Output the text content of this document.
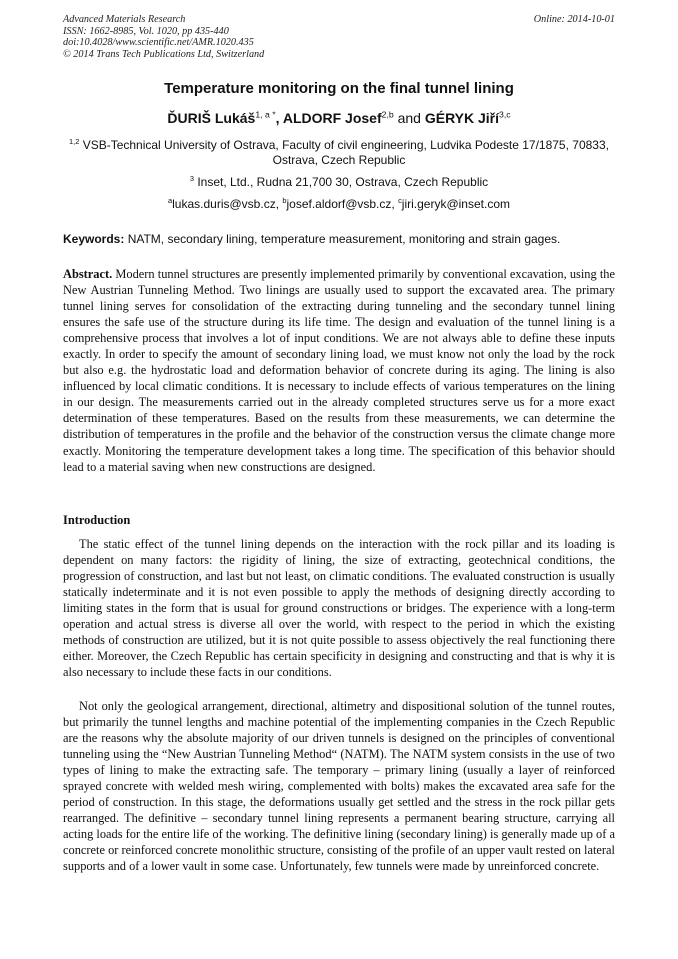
Advanced Materials Research
ISSN: 1662-8985, Vol. 1020, pp 435-440
doi:10.4028/www.scientific.net/AMR.1020.435
© 2014 Trans Tech Publications Ltd, Switzerland
Online: 2014-10-01
Temperature monitoring on the final tunnel lining
ĎURIŠ Lukáš$^{1, a *}$, ALDORF Josef$^{2,b}$ and GÉRYK Jiří$^{3,c}$
$^{1,2}$ VSB-Technical University of Ostrava, Faculty of civil engineering, Ludvika Podeste 17/1875, 70833, Ostrava, Czech Republic
$^3$ Inset, Ltd., Rudna 21,700 30, Ostrava, Czech Republic
$^a$lukas.duris@vsb.cz, $^b$josef.aldorf@vsb.cz, $^c$jiri.geryk@inset.com
Keywords: NATM, secondary lining, temperature measurement, monitoring and strain gages.

Abstract. Modern tunnel structures are presently implemented primarily by conventional excavation, using the New Austrian Tunneling Method. Two linings are usually used to support the excavated area. The primary tunnel lining serves for consolidation of the extracting during tunneling and the secondary tunnel lining ensures the safe use of the structure during its life time. The design and evaluation of the tunnel lining is a comprehensive process that involves a lot of input conditions. We are not always able to define these inputs exactly. In order to specify the amount of secondary lining load, we must know not only the load by the rock but also e.g. the hydrostatic load and deformation behavior of concrete during its aging. The lining is also influenced by local climatic conditions. It is necessary to include effects of various temperatures on the lining in our design. The measurements carried out in the already completed structures serve us for a more exact determination of these temperatures. Based on the results from these measurements, we can determine the distribution of temperatures in the profile and the behavior of the construction versus the climate change more exactly. Monitoring the temperature development takes a long time. The specification of this behavior should lead to a material saving when new constructions are designed.

Introduction

The static effect of the tunnel lining depends on the interaction with the rock pillar and its loading is dependent on many factors: the rigidity of lining, the size of extracting, geotechnical conditions, the progression of construction, and last but not least, on climatic conditions. The evaluated construction is usually statically indeterminate and it is not even possible to apply the methods of designing directly according to limiting states in the form that is usual for ground constructions or bridges. The experience with a long-term operation and actual stress is diverse all over the world, with respect to the period in which the existing methods of construction are utilized, but it is not quite possible to assess objectively the real functioning there either. Moreover, the Czech Republic has certain specificity in designing and constructing and that is why it is also necessary to include these facts in our conditions.

Not only the geological arrangement, directional, altimetry and dispositional solution of the tunnel routes, but primarily the tunnel lengths and machine potential of the implementing companies in the Czech Republic are the reasons why the absolute majority of our driven tunnels is designed on the principles of conventional tunneling using the “New Austrian Tunneling Method“ (NATM). The NATM system consists in the use of two types of lining to make the extracting safe. The temporary – primary lining (usually a layer of reinforced sprayed concrete with welded mesh wiring, complemented with bolts) makes the excavated area safe for the period of construction. In this stage, the deformations usually get settled and the stress in the rock pillar gets rearranged. The definitive – secondary tunnel lining represents a permanent bearing structure, carrying all acting loads for the entire life of the working. The definitive lining (secondary lining) is generally made up of a concrete or reinforced concrete monolithic structure, consisting of the profile of an upper vault rested on lateral supports and of a lower vault in some case. Unfortunately, few tunnels were made by unreinforced concrete.
